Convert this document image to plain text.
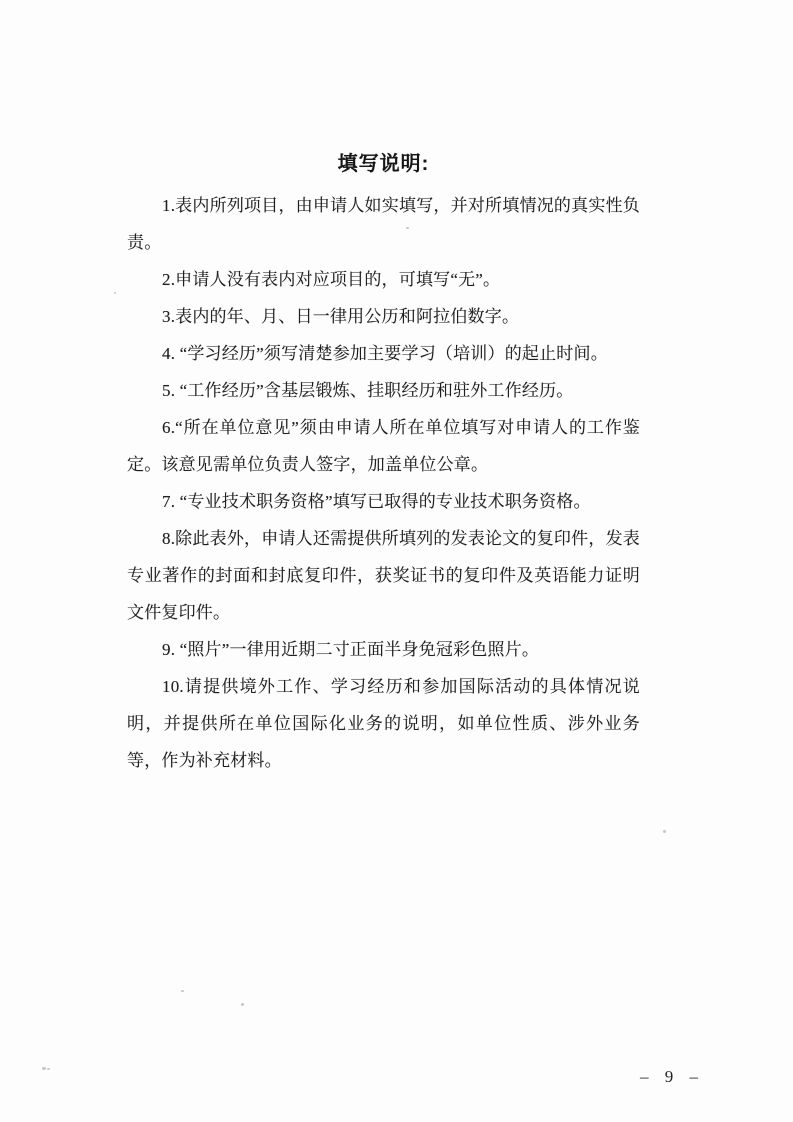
填写说明:

1.表内所列项目，由申请人如实填写，并对所填情况的真实性负责。

2.申请人没有表内对应项目的，可填写“无”。

3.表内的年、月、日一律用公历和阿拉伯数字。

4. “学习经历”须写清楚参加主要学习（培训）的起止时间。

5. “工作经历”含基层锻炼、挂职经历和驻外工作经历。

6.“所在单位意见”须由申请人所在单位填写对申请人的工作鉴定。该意见需单位负责人签字，加盖单位公章。

7. “专业技术职务资格”填写已取得的专业技术职务资格。

8.除此表外，申请人还需提供所填列的发表论文的复印件，发表专业著作的封面和封底复印件，获奖证书的复印件及英语能力证明文件复印件。

9. “照片”一律用近期二寸正面半身免冠彩色照片。

10.请提供境外工作、学习经历和参加国际活动的具体情况说明，并提供所在单位国际化业务的说明，如单位性质、涉外业务等，作为补充材料。

– 9 –
